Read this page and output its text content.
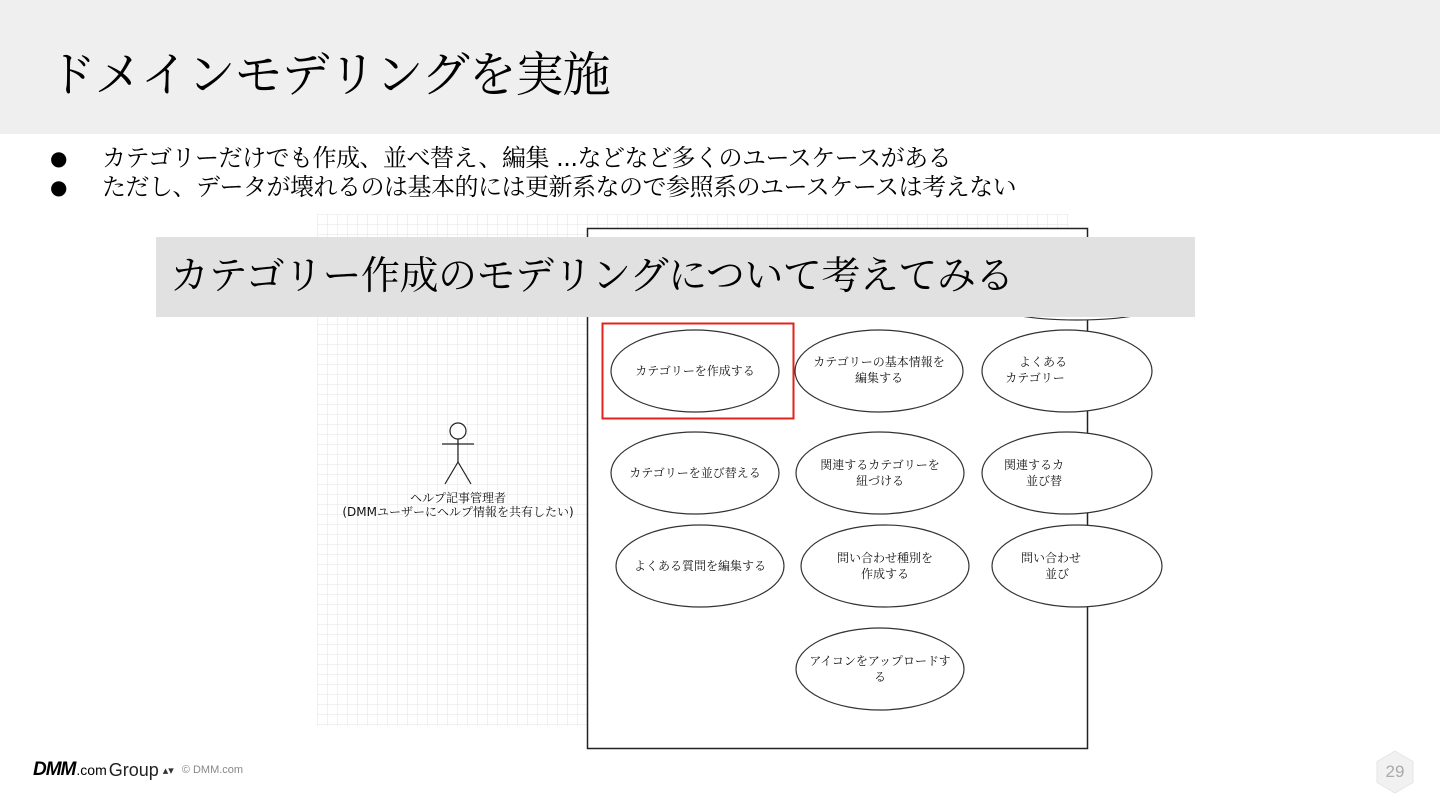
ドメインモデリングを実施
● カテゴリーだけでも作成、並べ替え、編集 ...などなど多くのユースケースがある
● ただし、データが壊れるのは基本的には更新系なので参照系のユースケースは考えない
ヘルプ記事管理者
(DMMユーザーにヘルプ情報を共有したい)
カテゴリーを作成する
カテゴリーの基本情報を
編集する
よくある
カテゴリー
カテゴリーを並び替える
関連するカテゴリーを
紐づける
関連するカ
並び替
よくある質問を編集する
問い合わせ種別を
作成する
問い合わせ
並び
アイコンをアップロードす
る
カテゴリー作成のモデリングについて考えてみる
DMM .com Group ▴▾ © DMM.com	29
